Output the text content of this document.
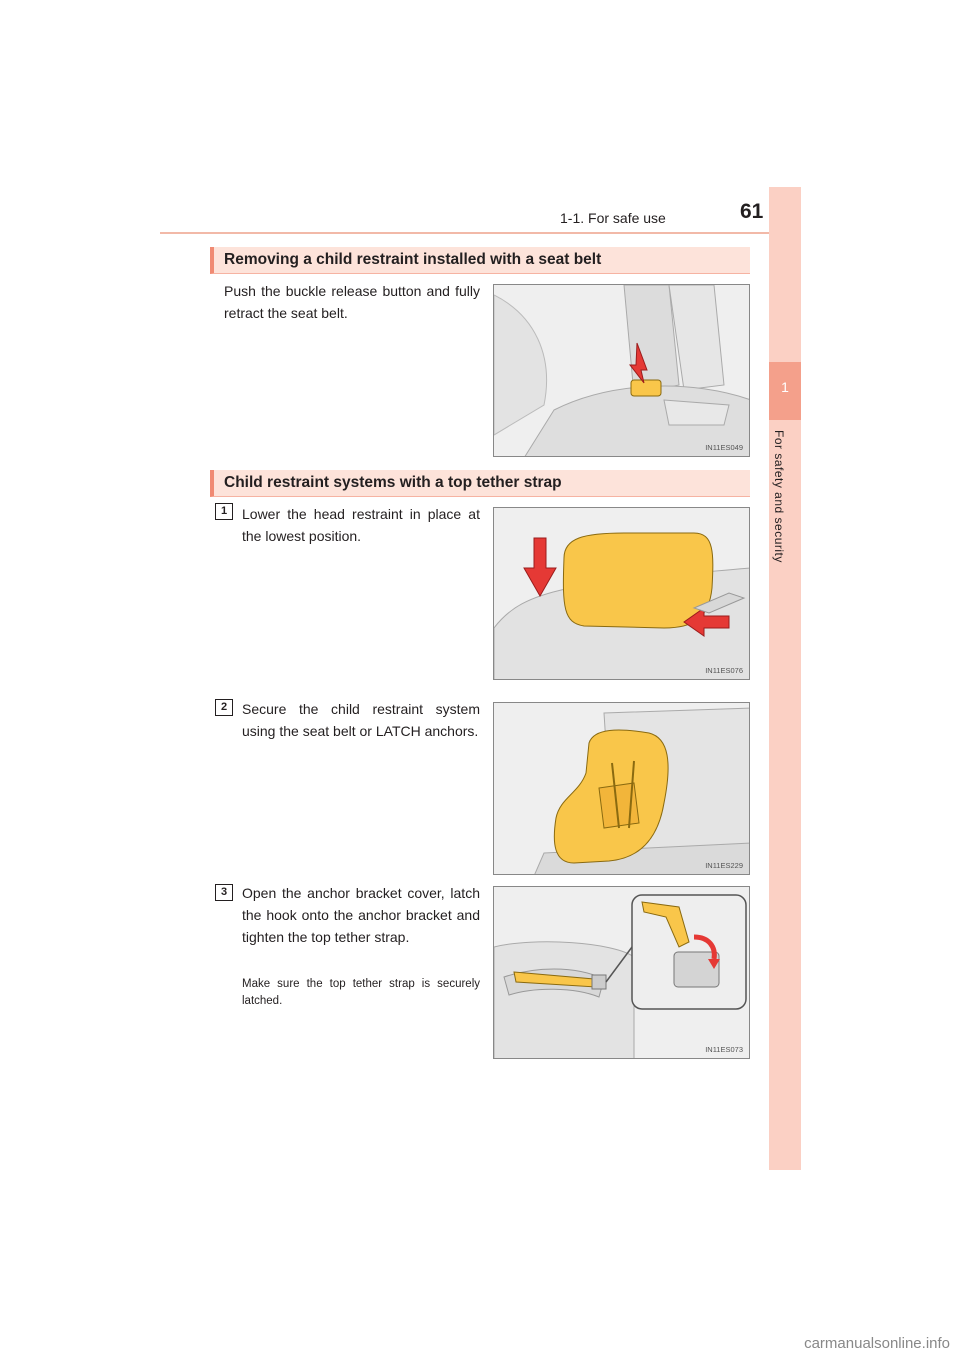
1-1. For safe use	61
1
For safety and security
Removing a child restraint installed with a seat belt
Push the buckle release button and fully retract the seat belt.
IN11ES049
Child restraint systems with a top tether strap
1	Lower the head restraint in place at the lowest position.
IN11ES076
2	Secure the child restraint system using the seat belt or LATCH anchors.
IN11ES229
3	Open the anchor bracket cover, latch the hook onto the anchor bracket and tighten the top tether strap.
Make sure the top tether strap is securely latched.
IN11ES073
carmanualsonline.info
